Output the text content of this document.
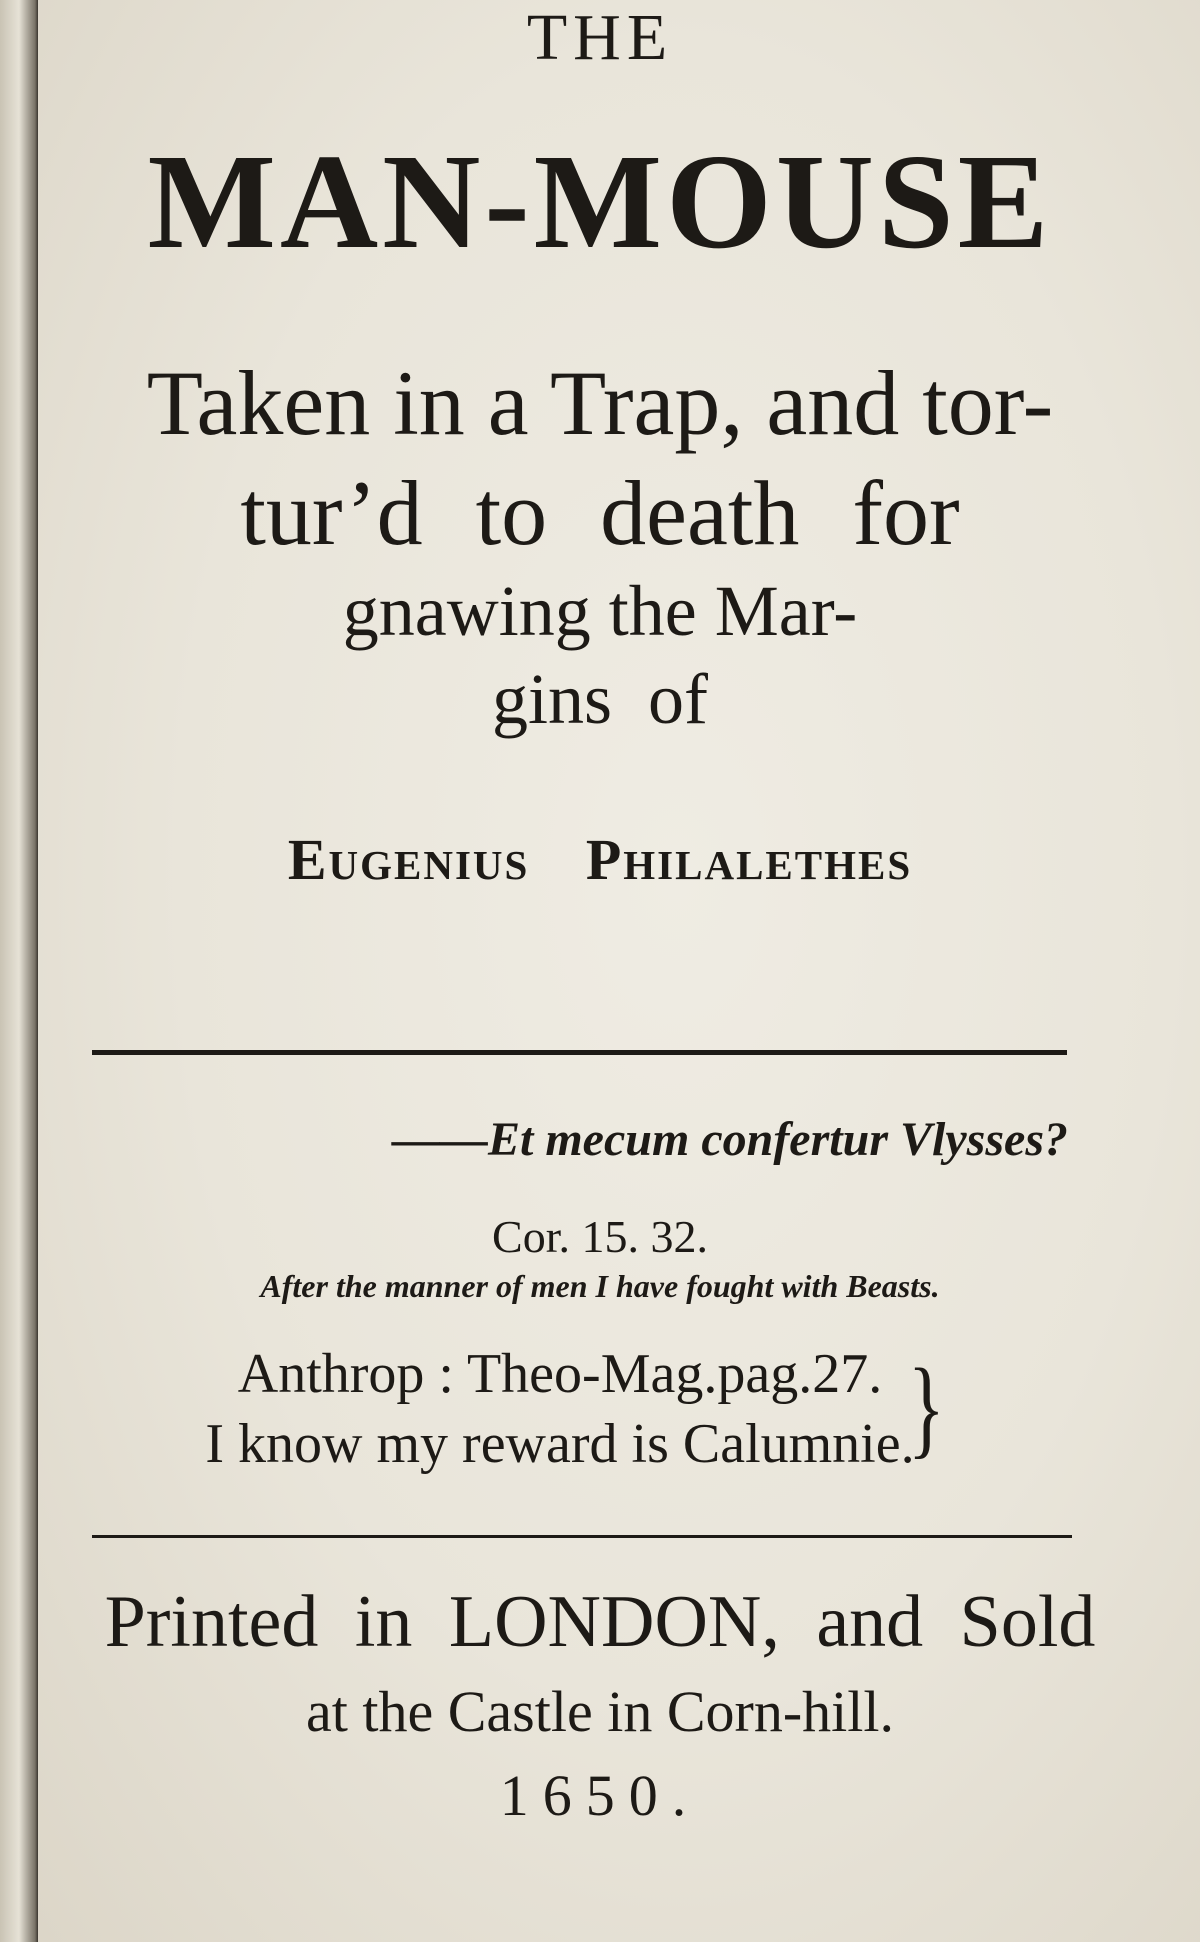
THE
MAN-MOUSE
Taken in a Trap, and tor-
tur’d to death for
gnawing the Mar-
gins of
Eugenius Philalethes
——Et mecum confertur Vlysses?
Cor. 15. 32.
After the manner of men I have fought with Beasts.
Anthrop : Theo-Mag.pag.27.
I know my reward is Calumnie.
}
Printed in LONDON, and Sold
at the Castle in Corn-hill.
1650.
